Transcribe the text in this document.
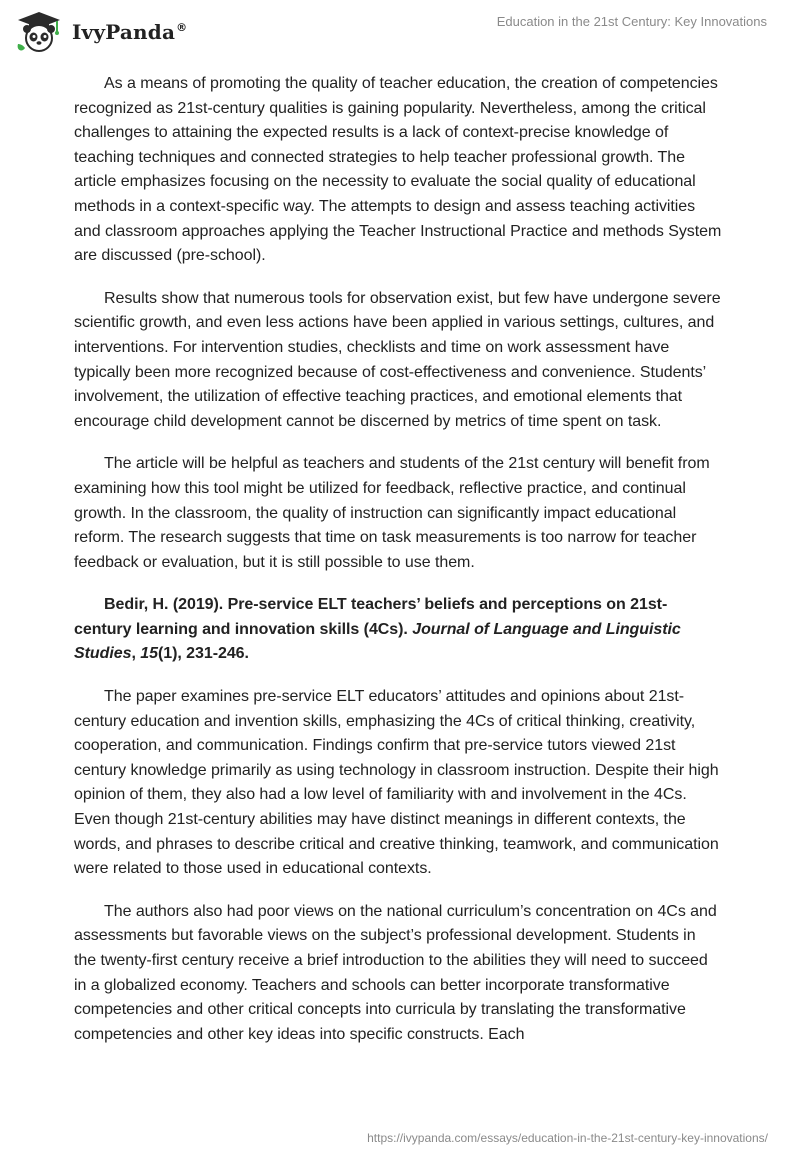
IvyPanda®	Education in the 21st Century: Key Innovations

As a means of promoting the quality of teacher education, the creation of competencies recognized as 21st-century qualities is gaining popularity. Nevertheless, among the critical challenges to attaining the expected results is a lack of context-precise knowledge of teaching techniques and connected strategies to help teacher professional growth. The article emphasizes focusing on the necessity to evaluate the social quality of educational methods in a context-specific way. The attempts to design and assess teaching activities and classroom approaches applying the Teacher Instructional Practice and methods System are discussed (pre-school).

Results show that numerous tools for observation exist, but few have undergone severe scientific growth, and even less actions have been applied in various settings, cultures, and interventions. For intervention studies, checklists and time on work assessment have typically been more recognized because of cost-effectiveness and convenience. Students’ involvement, the utilization of effective teaching practices, and emotional elements that encourage child development cannot be discerned by metrics of time spent on task.

The article will be helpful as teachers and students of the 21st century will benefit from examining how this tool might be utilized for feedback, reflective practice, and continual growth. In the classroom, the quality of instruction can significantly impact educational reform. The research suggests that time on task measurements is too narrow for teacher feedback or evaluation, but it is still possible to use them.

Bedir, H. (2019). Pre-service ELT teachers’ beliefs and perceptions on 21st-century learning and innovation skills (4Cs). Journal of Language and Linguistic Studies, 15(1), 231-246.

The paper examines pre-service ELT educators’ attitudes and opinions about 21st-century education and invention skills, emphasizing the 4Cs of critical thinking, creativity, cooperation, and communication. Findings confirm that pre-service tutors viewed 21st century knowledge primarily as using technology in classroom instruction. Despite their high opinion of them, they also had a low level of familiarity with and involvement in the 4Cs. Even though 21st-century abilities may have distinct meanings in different contexts, the words, and phrases to describe critical and creative thinking, teamwork, and communication were related to those used in educational contexts.

The authors also had poor views on the national curriculum’s concentration on 4Cs and assessments but favorable views on the subject’s professional development. Students in the twenty-first century receive a brief introduction to the abilities they will need to succeed in a globalized economy. Teachers and schools can better incorporate transformative competencies and other critical concepts into curricula by translating the transformative competencies and other key ideas into specific constructs. Each

https://ivypanda.com/essays/education-in-the-21st-century-key-innovations/
